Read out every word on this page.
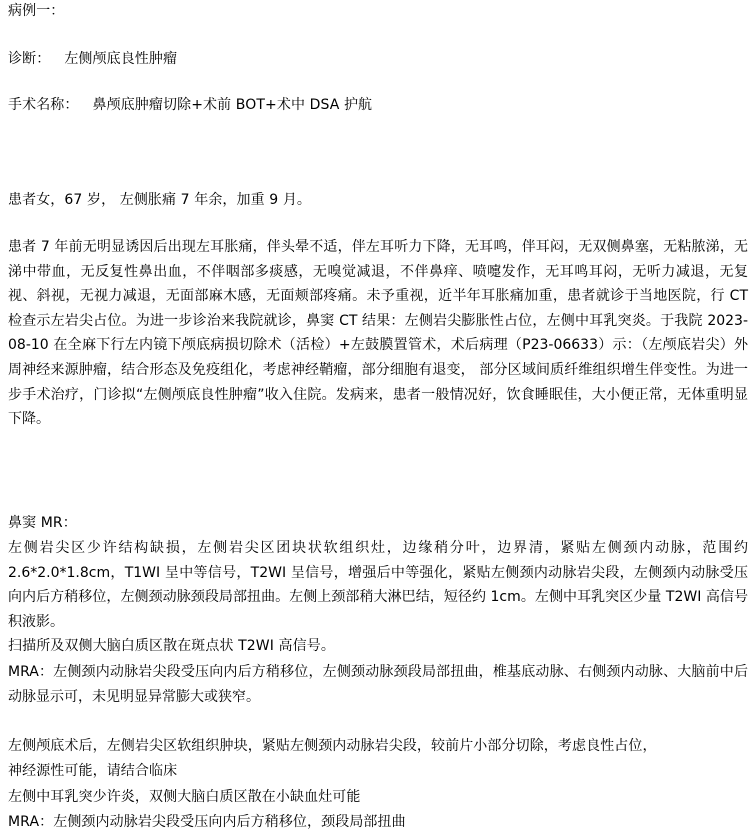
病例一：
诊断： 左侧颅底良性肿瘤
手术名称： 鼻颅底肿瘤切除+术前 BOT+术中 DSA 护航
患者女，67 岁， 左侧胀痛 7 年余，加重 9 月。
患者 7 年前无明显诱因后出现左耳胀痛，伴头晕不适，伴左耳听力下降，无耳鸣，伴耳闷，无双侧鼻塞，无粘脓涕，无涕中带血，无反复性鼻出血，不伴咽部多痰感，无嗅觉减退，不伴鼻痒、喷嚏发作，无耳鸣耳闷，无听力减退，无复视、斜视，无视力减退，无面部麻木感，无面颊部疼痛。未予重视，近半年耳胀痛加重，患者就诊于当地医院，行 CT 检查示左岩尖占位。为进一步诊治来我院就诊，鼻窦 CT 结果：左侧岩尖膨胀性占位，左侧中耳乳突炎。于我院 2023-08-10 在全麻下行左内镜下颅底病损切除术（活检）+左鼓膜置管术，术后病理（P23-06633）示：（左颅底岩尖）外周神经来源肿瘤，结合形态及免疫组化，考虑神经鞘瘤，部分细胞有退变， 部分区域间质纤维组织增生伴变性。为进一步手术治疗，门诊拟“左侧颅底良性肿瘤”收入住院。发病来，患者一般情况好，饮食睡眠佳，大小便正常，无体重明显下降。
鼻窦 MR：
左侧岩尖区少许结构缺损，左侧岩尖区团块状软组织灶，边缘稍分叶，边界清，紧贴左侧颈内动脉，范围约 2.6*2.0*1.8cm，T1WI 呈中等信号，T2WI 呈信号，增强后中等强化，紧贴左侧颈内动脉岩尖段，左侧颈内动脉受压向内后方稍移位，左侧颈动脉颈段局部扭曲。左侧上颈部稍大淋巴结，短径约 1cm。左侧中耳乳突区少量 T2WI 高信号积液影。
扫描所及双侧大脑白质区散在斑点状 T2WI 高信号。
MRA：左侧颈内动脉岩尖段受压向内后方稍移位，左侧颈动脉颈段局部扭曲，椎基底动脉、右侧颈内动脉、大脑前中后动脉显示可，未见明显异常膨大或狭窄。
左侧颅底术后，左侧岩尖区软组织肿块，紧贴左侧颈内动脉岩尖段，较前片小部分切除，考虑良性占位，
神经源性可能，请结合临床
左侧中耳乳突少许炎，双侧大脑白质区散在小缺血灶可能
MRA：左侧颈内动脉岩尖段受压向内后方稍移位，颈段局部扭曲
